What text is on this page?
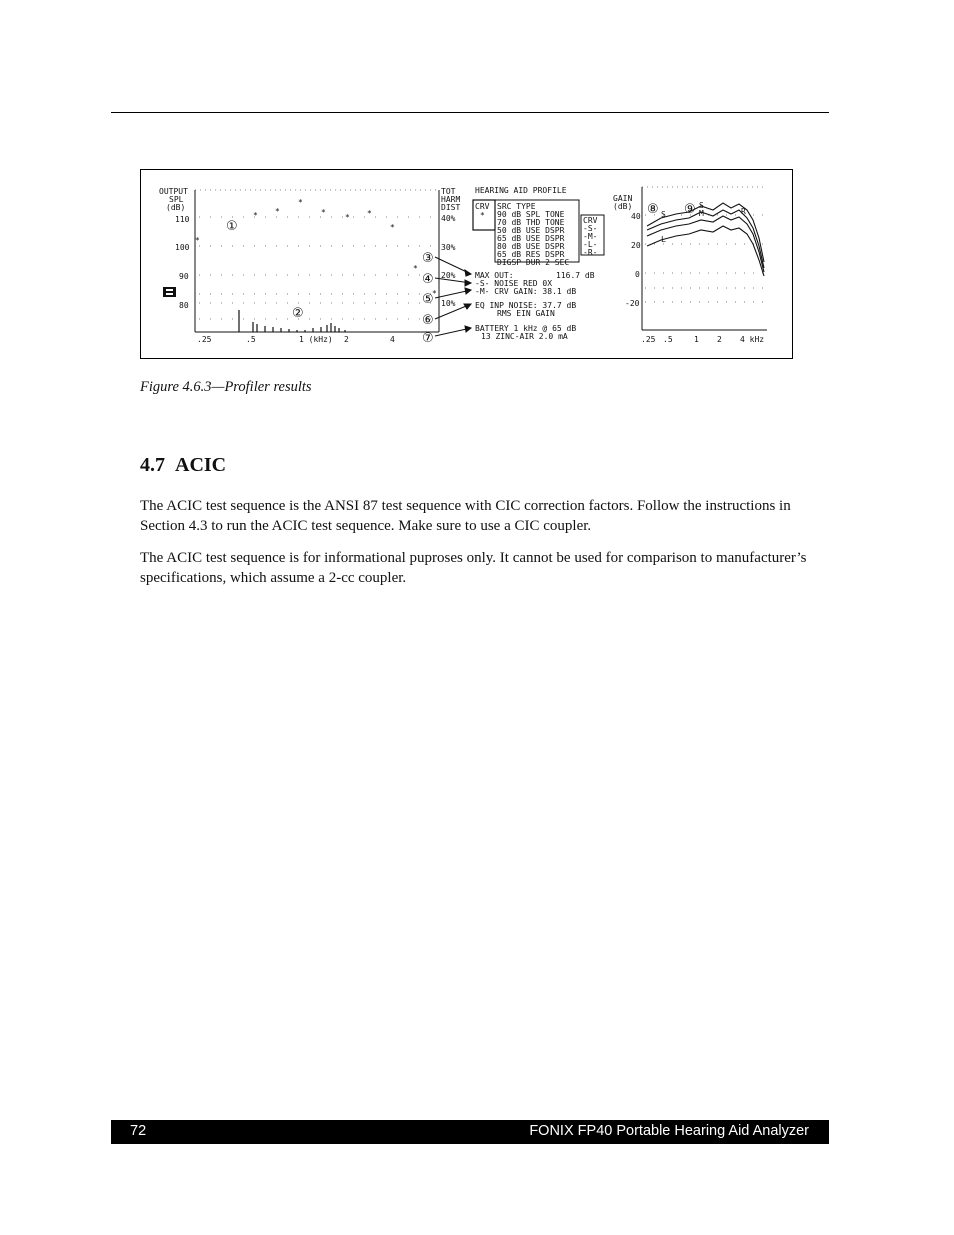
OUTPUT
SPL
(dB)
110
100
90
80
*
* *
*
*
* *
*
*
*
.25	.5	1 (kHz) 2	4
TOT
HARM
DIST
40%
30%
20%
10%
HEARING AID PROFILE
CRV
*
SRC TYPE
90 dB SPL TONE
70 dB THD TONE
50 dB USE DSPR
65 dB USE DSPR
80 dB USE DSPR
65 dB RES DSPR
DIGSP DUR 2 SEC
CRV
-S-
-M-
-L-
-R-
MAX OUT:	116.7 dB
-S- NOISE RED 0X
-M- CRV GAIN: 38.1 dB
EQ INP NOISE: 37.7 dB
RMS EIN GAIN
BATTERY 1 kHz @ 65 dB
13 ZINC-AIR 2.0 mA
GAIN
(dB)
40
20
0
-20
S
S
M
L
R
.25 .5	1 2 4 kHz
①
②
③
④
⑤
⑥
⑦
⑧ ⑨
Figure 4.6.3—Profiler results
4.7 ACIC

The ACIC test sequence is the ANSI 87 test sequence with CIC correction factors. Follow the instructions in Section 4.3 to run the ACIC test sequence. Make sure to use a CIC coupler.

The ACIC test sequence is for informational puproses only. It cannot be used for comparison to manufacturer’s specifications, which assume a 2-cc coupler.

72	FONIX FP40 Portable Hearing Aid Analyzer
